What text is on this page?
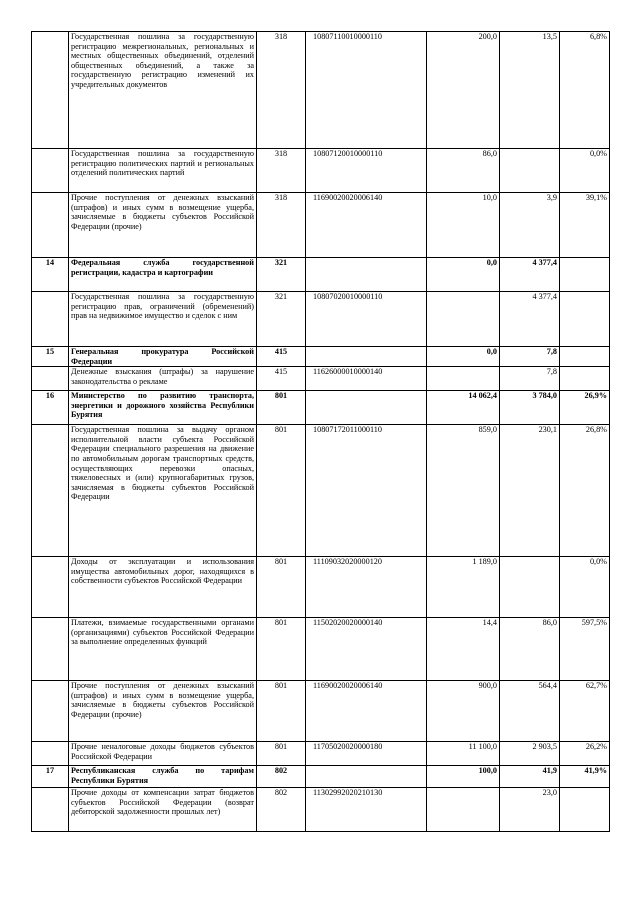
	Государственная пошлина за государственную регистрацию межрегиональных, региональных и местных общественных объединений, отделений общественных объединений, а также за государственную регистрацию изменений их учредительных документов	318	10807110010000110	200,0	13,5	6,8%
	Государственная пошлина за государственную регистрацию политических партий и региональных отделений политических партий	318	10807120010000110	86,0		0,0%
	Прочие поступления от денежных взысканий (штрафов) и иных сумм в возмещение ущерба, зачисляемые в бюджеты субъектов Российской Федерации (прочие)	318	11690020020006140	10,0	3,9	39,1%
14	Федеральная служба государственной регистрации, кадастра и картографии	321		0,0	4 377,4	
	Государственная пошлина за государственную регистрацию прав, ограничений (обременений) прав на недвижимое имущество и сделок с ним	321	10807020010000110		4 377,4	
15	Генеральная прокуратура Российской Федерации	415		0,0	7,8	
	Денежные взыскания (штрафы) за нарушение законодательства о рекламе	415	11626000010000140		7,8	
16	Министерство по развитию транспорта, энергетики и дорожного хозяйства Республики Бурятия	801		14 062,4	3 784,0	26,9%
	Государственная пошлина за выдачу органом исполнительной власти субъекта Российской Федерации специального разрешения на движение по автомобильным дорогам транспортных средств, осуществляющих перевозки опасных, тяжеловесных и (или) крупногабаритных грузов, зачисляемая в бюджеты субъектов Российской Федерации	801	10807172011000110	859,0	230,1	26,8%
	Доходы от эксплуатации и использования имущества автомобильных дорог, находящихся в собственности субъектов Российской Федерации	801	11109032020000120	1 189,0		0,0%
	Платежи, взимаемые государственными органами (организациями) субъектов Российской Федерации за выполнение определенных функций	801	11502020020000140	14,4	86,0	597,5%
	Прочие поступления от денежных взысканий (штрафов) и иных сумм в возмещение ущерба, зачисляемые в бюджеты субъектов Российской Федерации (прочие)	801	11690020020006140	900,0	564,4	62,7%
	Прочие неналоговые доходы бюджетов субъектов Российской Федерации	801	11705020020000180	11 100,0	2 903,5	26,2%
17	Республиканская служба по тарифам Республики Бурятия	802		100,0	41,9	41,9%
	Прочие доходы от компенсации затрат бюджетов субъектов Российской Федерации (возврат дебиторской задолженности прошлых лет)	802	11302992020210130		23,0	
